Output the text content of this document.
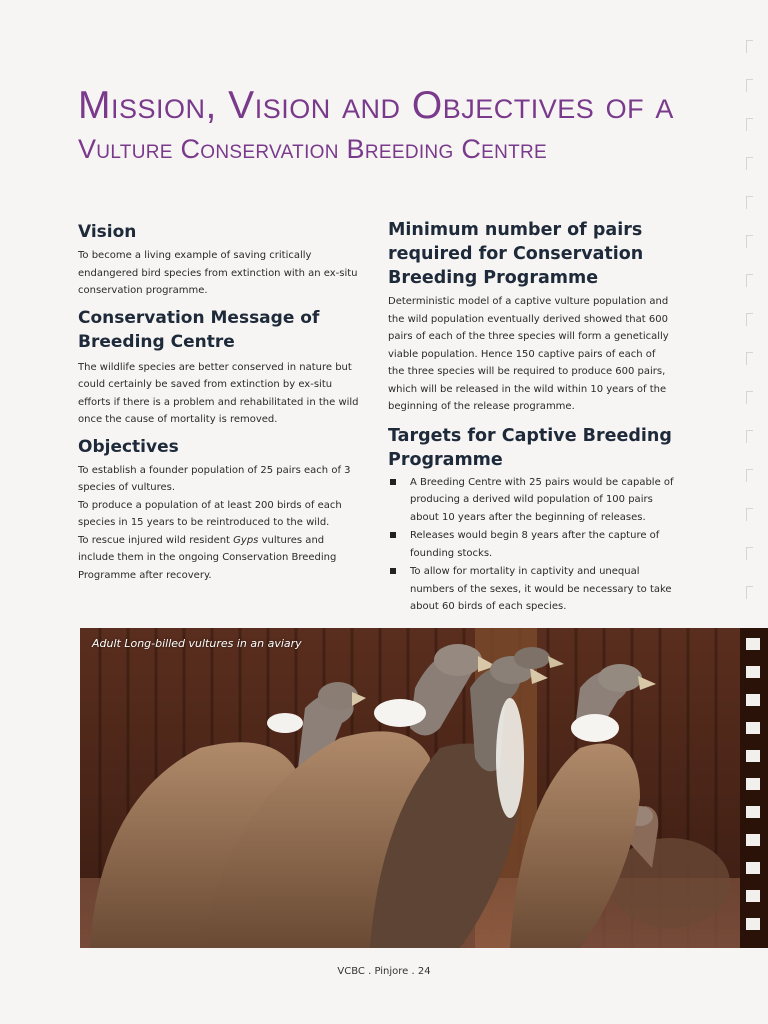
Mission, Vision and Objectives of a
Vulture Conservation Breeding Centre
Vision

To become a living example of saving critically endangered bird species from extinction with an ex-situ conservation programme.

Conservation Message of Breeding Centre

The wildlife species are better conserved in nature but could certainly be saved from extinction by ex-situ efforts if there is a problem and rehabilitated in the wild once the cause of mortality is removed.

Objectives

To establish a founder population of 25 pairs each of 3 species of vultures.

To produce a population of at least 200 birds of each species in 15 years to be reintroduced to the wild.

To rescue injured wild resident Gyps vultures and include them in the ongoing Conservation Breeding Programme after recovery.

Minimum number of pairs required for Conservation Breeding Programme

Deterministic model of a captive vulture population and the wild population eventually derived showed that 600 pairs of each of the three species will form a genetically viable population. Hence 150 captive pairs of each of the three species will be required to produce 600 pairs, which will be released in the wild within 10 years of the beginning of the release programme.

Targets for Captive Breeding Programme
A Breeding Centre with 25 pairs would be capable of producing a derived wild population of 100 pairs about 10 years after the beginning of releases.
Releases would begin 8 years after the capture of founding stocks.
To allow for mortality in captivity and unequal numbers of the sexes, it would be necessary to take about 60 birds of each species.
Adult Long-billed vultures in an aviary
VCBC . Pinjore . 24
